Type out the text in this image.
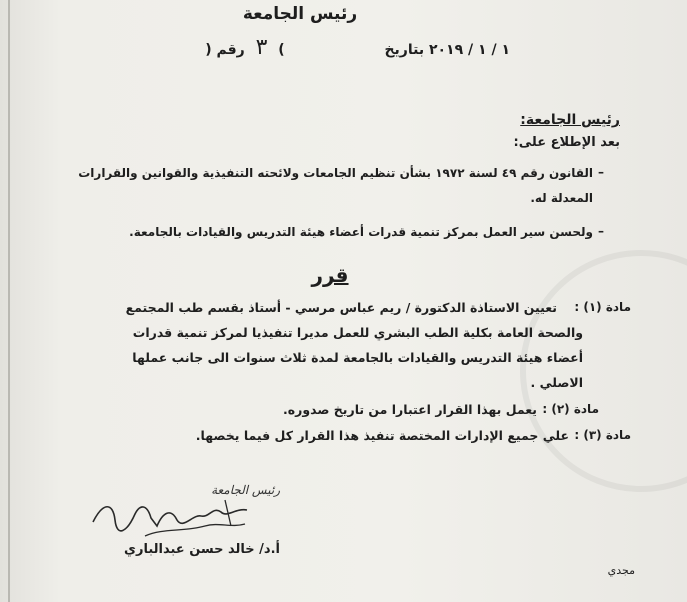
رئيس الجامعة
رقم ( ٣ )	بتاريخ ١ / ١ / ٢٠١٩
رئيس الجامعة:
بعد الإطلاع على:
–
القانون رقم ٤٩ لسنة ١٩٧٢ بشأن تنظيم الجامعات ولائحته التنفيذية والقوانين والقرارات
المعدلة له.
–
ولحسن سير العمل بمركز تنمية قدرات أعضاء هيئة التدريس والقيادات بالجامعة.
قرر
مادة (١) :
تعيين الاستاذة الدكتورة / ريم عباس مرسي - أستاذ بقسم طب المجتمع
والصحة العامة بكلية الطب البشري للعمل مديرا تنفيذيا لمركز تنمية قدرات
أعضاء هيئة التدريس والقيادات بالجامعة لمدة ثلاث سنوات الى جانب عملها
الاصلي .
مادة (٢) :
يعمل بهذا القرار اعتبارا من تاريخ صدوره.
مادة (٣) :
علي جميع الإدارات المختصة تنفيذ هذا القرار كل فيما يخصها.
رئيس الجامعة
أ.د/ خالد حسن عبدالباري
مجدي
